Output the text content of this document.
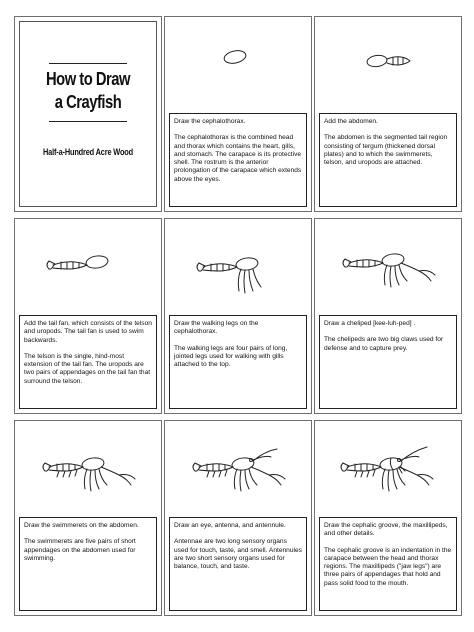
How to Draw
a Crayfish
Half-a-Hundred Acre Wood

Draw the cephalothorax.

The cephalothorax is the combined head and thorax which contains the heart, gills, and stomach. The carapace is its protective shell. The rostrum is the anterior prolongation of the carapace which extends above the eyes.

Add the abdomen.

The abdomen is the segmented tail region consisting of tergum (thickened dorsal plates) and to which the swimmerets, telson, and uropods are attached.

Add the tail fan, which consists of the telson and uropods. The tail fan is used to swim backwards.

The telson is the single, hind-most extension of the tail fan. The uropods are two pairs of appendages on the tail fan that surround the telson.

Draw the walking legs on the cephalothorax.

The walking legs are four pairs of long, jointed legs used for walking with gills attached to the top.

Draw a cheliped [kee-luh-ped] .

The chelipeds are two big claws used for defense and to capture prey.

Draw the swimmerets on the abdomen.

The swimmerets are five pairs of short appendages on the abdomen used for swimming.

Draw an eye, antenna, and antennule.

Antennae are two long sensory organs used for touch, taste, and smell. Antennules are two short sensory organs used for balance, touch, and taste.

Draw the cephalic groove, the maxillipeds, and other details.

The cephalic groove is an indentation in the carapace between the head and thorax regions. The maxillipeds ("jaw legs") are three pairs of appendages that hold and pass solid food to the mouth.
